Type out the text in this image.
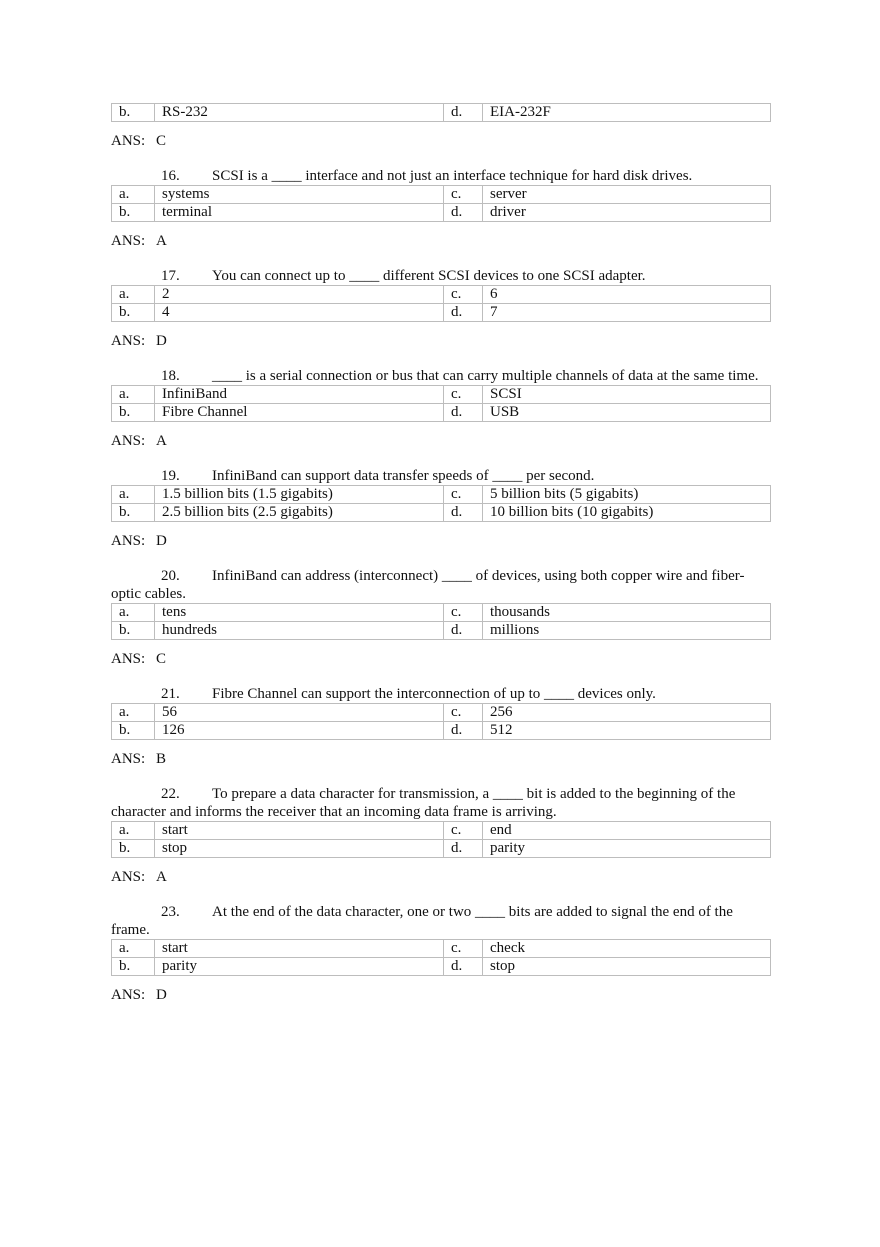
b.	RS-232	d.	EIA-232F
ANS: C

16. SCSI is a ____ interface and not just an interface technique for hard disk drives.

a.	systems	c.	server
b.	terminal	d.	driver
ANS: A

17. You can connect up to ____ different SCSI devices to one SCSI adapter.

a.	2	c.	6
b.	4	d.	7
ANS: D

18. ____ is a serial connection or bus that can carry multiple channels of data at the same time.

a.	InfiniBand	c.	SCSI
b.	Fibre Channel	d.	USB
ANS: A

19. InfiniBand can support data transfer speeds of ____ per second.

a.	1.5 billion bits (1.5 gigabits)	c.	5 billion bits (5 gigabits)
b.	2.5 billion bits (2.5 gigabits)	d.	10 billion bits (10 gigabits)
ANS: D

20. InfiniBand can address (interconnect) ____ of devices, using both copper wire and fiber-optic cables.

a.	tens	c.	thousands
b.	hundreds	d.	millions
ANS: C

21. Fibre Channel can support the interconnection of up to ____ devices only.

a.	56	c.	256
b.	126	d.	512
ANS: B

22. To prepare a data character for transmission, a ____ bit is added to the beginning of the character and informs the receiver that an incoming data frame is arriving.

a.	start	c.	end
b.	stop	d.	parity
ANS: A

23. At the end of the data character, one or two ____ bits are added to signal the end of the frame.

a.	start	c.	check
b.	parity	d.	stop
ANS: D
